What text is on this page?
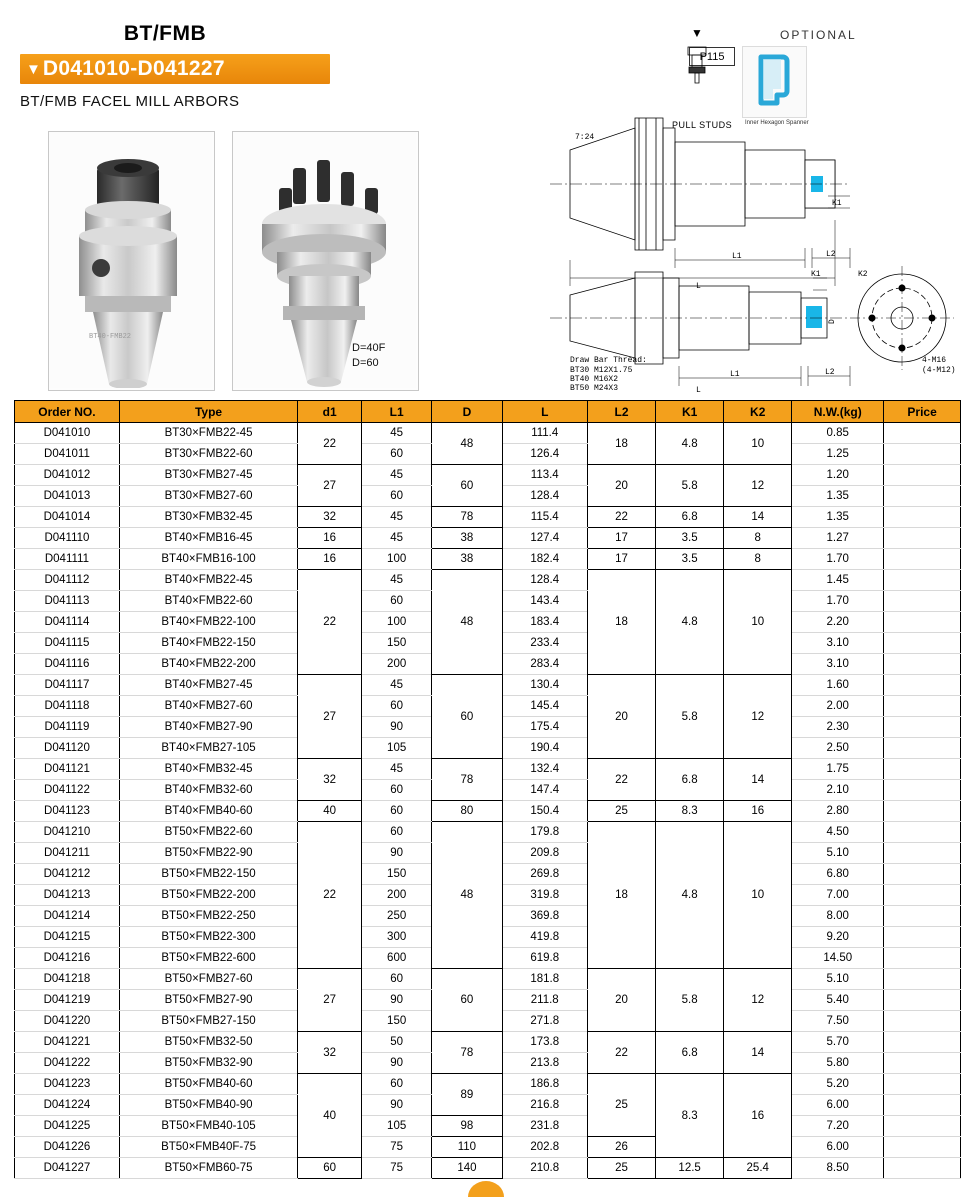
BT/FMB
▼ D041010-D041227
BT/FMB FACEL MILL ARBORS
BT40-FMB22
D=40F
D=60
OPTIONAL
▼
P115
PULL STUDS Inner Hexagon Spanner
7:24
L1	L2
L
K1
L1	L2
L
K1	K2
4-M16
(4-M12)
D
Draw Bar Thread:
BT30 M12X1.75
BT40 M16X2
BT50 M24X3
Order NO.	Type	d1	L1	D	L	L2	K1	K2	N.W.(kg)	Price
D041010	BT30×FMB22-45	22	45	48	111.4	18	4.8	10	0.85	
D041011	BT30×FMB22-60		60		126.4				1.25	
D041012	BT30×FMB27-45	27	45	60	113.4	20	5.8	12	1.20	
D041013	BT30×FMB27-60		60		128.4				1.35	
D041014	BT30×FMB32-45	32	45	78	115.4	22	6.8	14	1.35	
D041110	BT40×FMB16-45	16	45	38	127.4	17	3.5	8	1.27	
D041111	BT40×FMB16-100	16	100	38	182.4	17	3.5	8	1.70	
D041112	BT40×FMB22-45	22	45	48	128.4	18	4.8	10	1.45	
D041113	BT40×FMB22-60		60		143.4				1.70	
D041114	BT40×FMB22-100		100		183.4				2.20	
D041115	BT40×FMB22-150		150		233.4				3.10	
D041116	BT40×FMB22-200		200		283.4				3.10	
D041117	BT40×FMB27-45	27	45	60	130.4	20	5.8	12	1.60	
D041118	BT40×FMB27-60		60		145.4				2.00	
D041119	BT40×FMB27-90		90		175.4				2.30	
D041120	BT40×FMB27-105		105		190.4				2.50	
D041121	BT40×FMB32-45	32	45	78	132.4	22	6.8	14	1.75	
D041122	BT40×FMB32-60		60		147.4				2.10	
D041123	BT40×FMB40-60	40	60	80	150.4	25	8.3	16	2.80	
D041210	BT50×FMB22-60	22	60	48	179.8	18	4.8	10	4.50	
D041211	BT50×FMB22-90		90		209.8				5.10	
D041212	BT50×FMB22-150		150		269.8				6.80	
D041213	BT50×FMB22-200		200		319.8				7.00	
D041214	BT50×FMB22-250		250		369.8				8.00	
D041215	BT50×FMB22-300		300		419.8				9.20	
D041216	BT50×FMB22-600		600		619.8				14.50	
D041218	BT50×FMB27-60	27	60	60	181.8	20	5.8	12	5.10	
D041219	BT50×FMB27-90		90		211.8				5.40	
D041220	BT50×FMB27-150		150		271.8				7.50	
D041221	BT50×FMB32-50	32	50	78	173.8	22	6.8	14	5.70	
D041222	BT50×FMB32-90		90		213.8				5.80	
D041223	BT50×FMB40-60	40	60	89	186.8	25	8.3	16	5.20	
D041224	BT50×FMB40-90		90		216.8				6.00	
D041225	BT50×FMB40-105		105	98	231.8				7.20	
D041226	BT50×FMB40F-75		75	110	202.8	26			6.00	
D041227	BT50×FMB60-75	60	75	140	210.8	25	12.5	25.4	8.50	
